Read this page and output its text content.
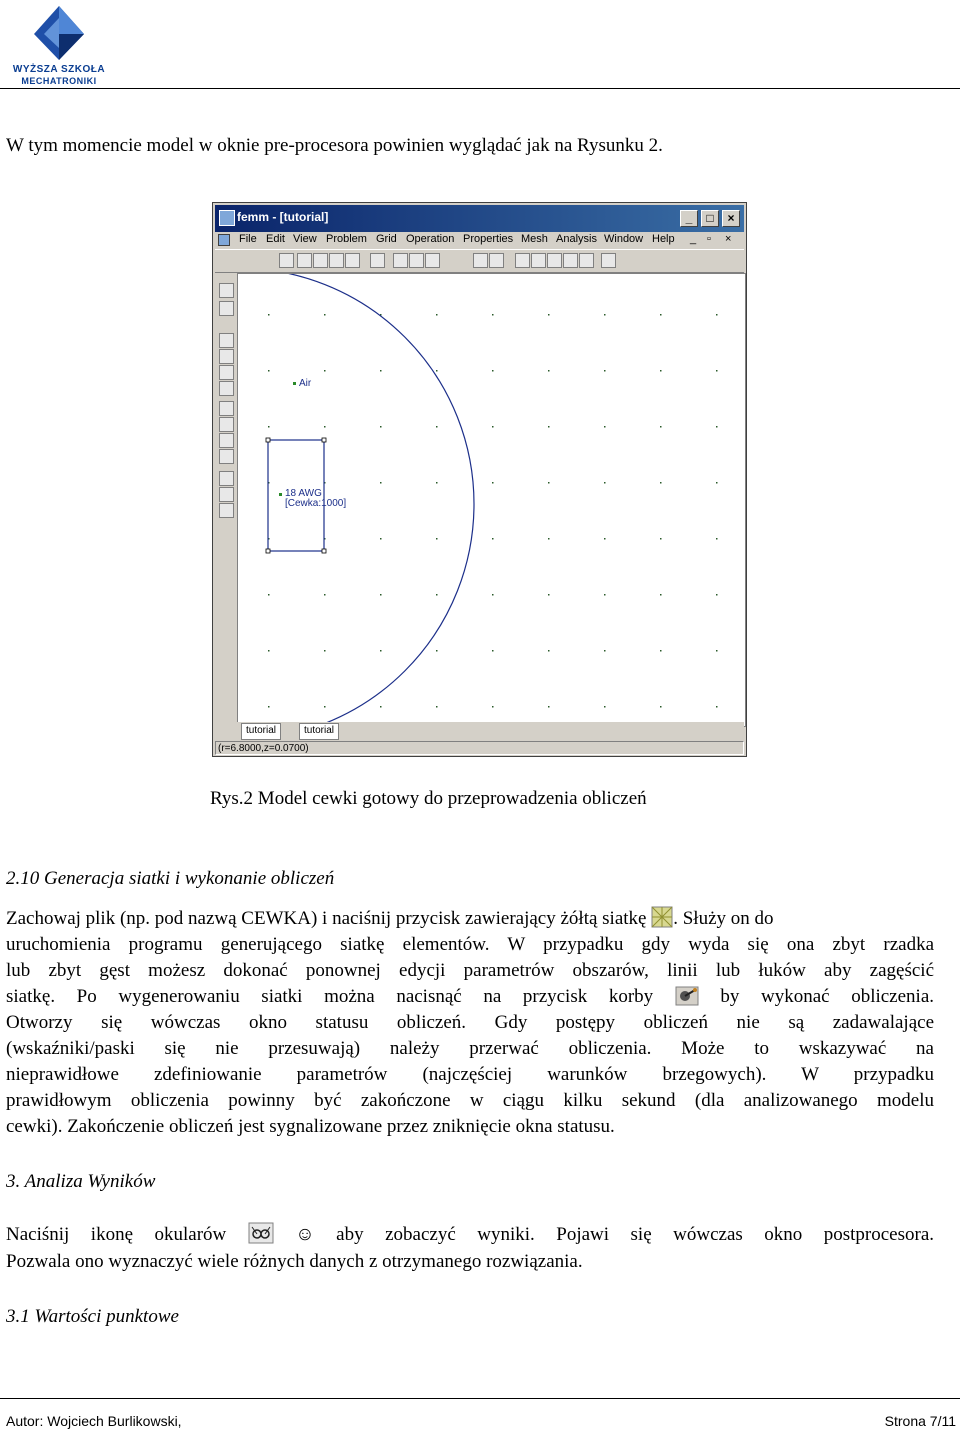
WYŻSZA SZKOŁA
MECHATRONIKI
W tym momencie model w oknie pre-procesora powinien wyglądać jak na Rysunku 2.
femm - [tutorial]	_	□	×
File Edit View Problem Grid Operation Properties Mesh Analysis Window Help _ ▫ ×
Air
18 AWG
[Cewka:1000]
tutorial	tutorial
(r=6.8000,z=0.0700)
Rys.2 Model cewki gotowy do przeprowadzenia obliczeń
2.10 Generacja siatki i wykonanie obliczeń
Zachowaj plik (np. pod nazwą CEWKA) i naciśnij przycisk zawierający żółtą siatkę . Służy on do
uruchomienia programu generującego siatkę elementów. W przypadku gdy wyda się ona zbyt rzadka
lub zbyt gęst możesz dokonać ponownej edycji parametrów obszarów, linii lub łuków aby zagęścić
siatkę. Po wygenerowaniu siatki można nacisnąć na przycisk korby	by wykonać obliczenia.
Otworzy się wówczas okno statusu obliczeń. Gdy postępy obliczeń nie są zadawalające
(wskaźniki/paski się nie przesuwają) należy przerwać obliczenia. Może to wskazywać na
nieprawidłowe zdefiniowanie parametrów (najczęściej warunków brzegowych). W przypadku
prawidłowym obliczenia powinny być zakończone w ciągu kilku sekund (dla analizowanego modelu
cewki). Zakończenie obliczeń jest sygnalizowane przez zniknięcie okna statusu.
3. Analiza Wyników
Naciśnij ikonę okularów	☺ aby zobaczyć wyniki. Pojawi się wówczas okno postprocesora.
Pozwala ono wyznaczyć wiele różnych danych z otrzymanego rozwiązania.
3.1 Wartości punktowe
Autor: Wojciech Burlikowski,	Strona 7/11
